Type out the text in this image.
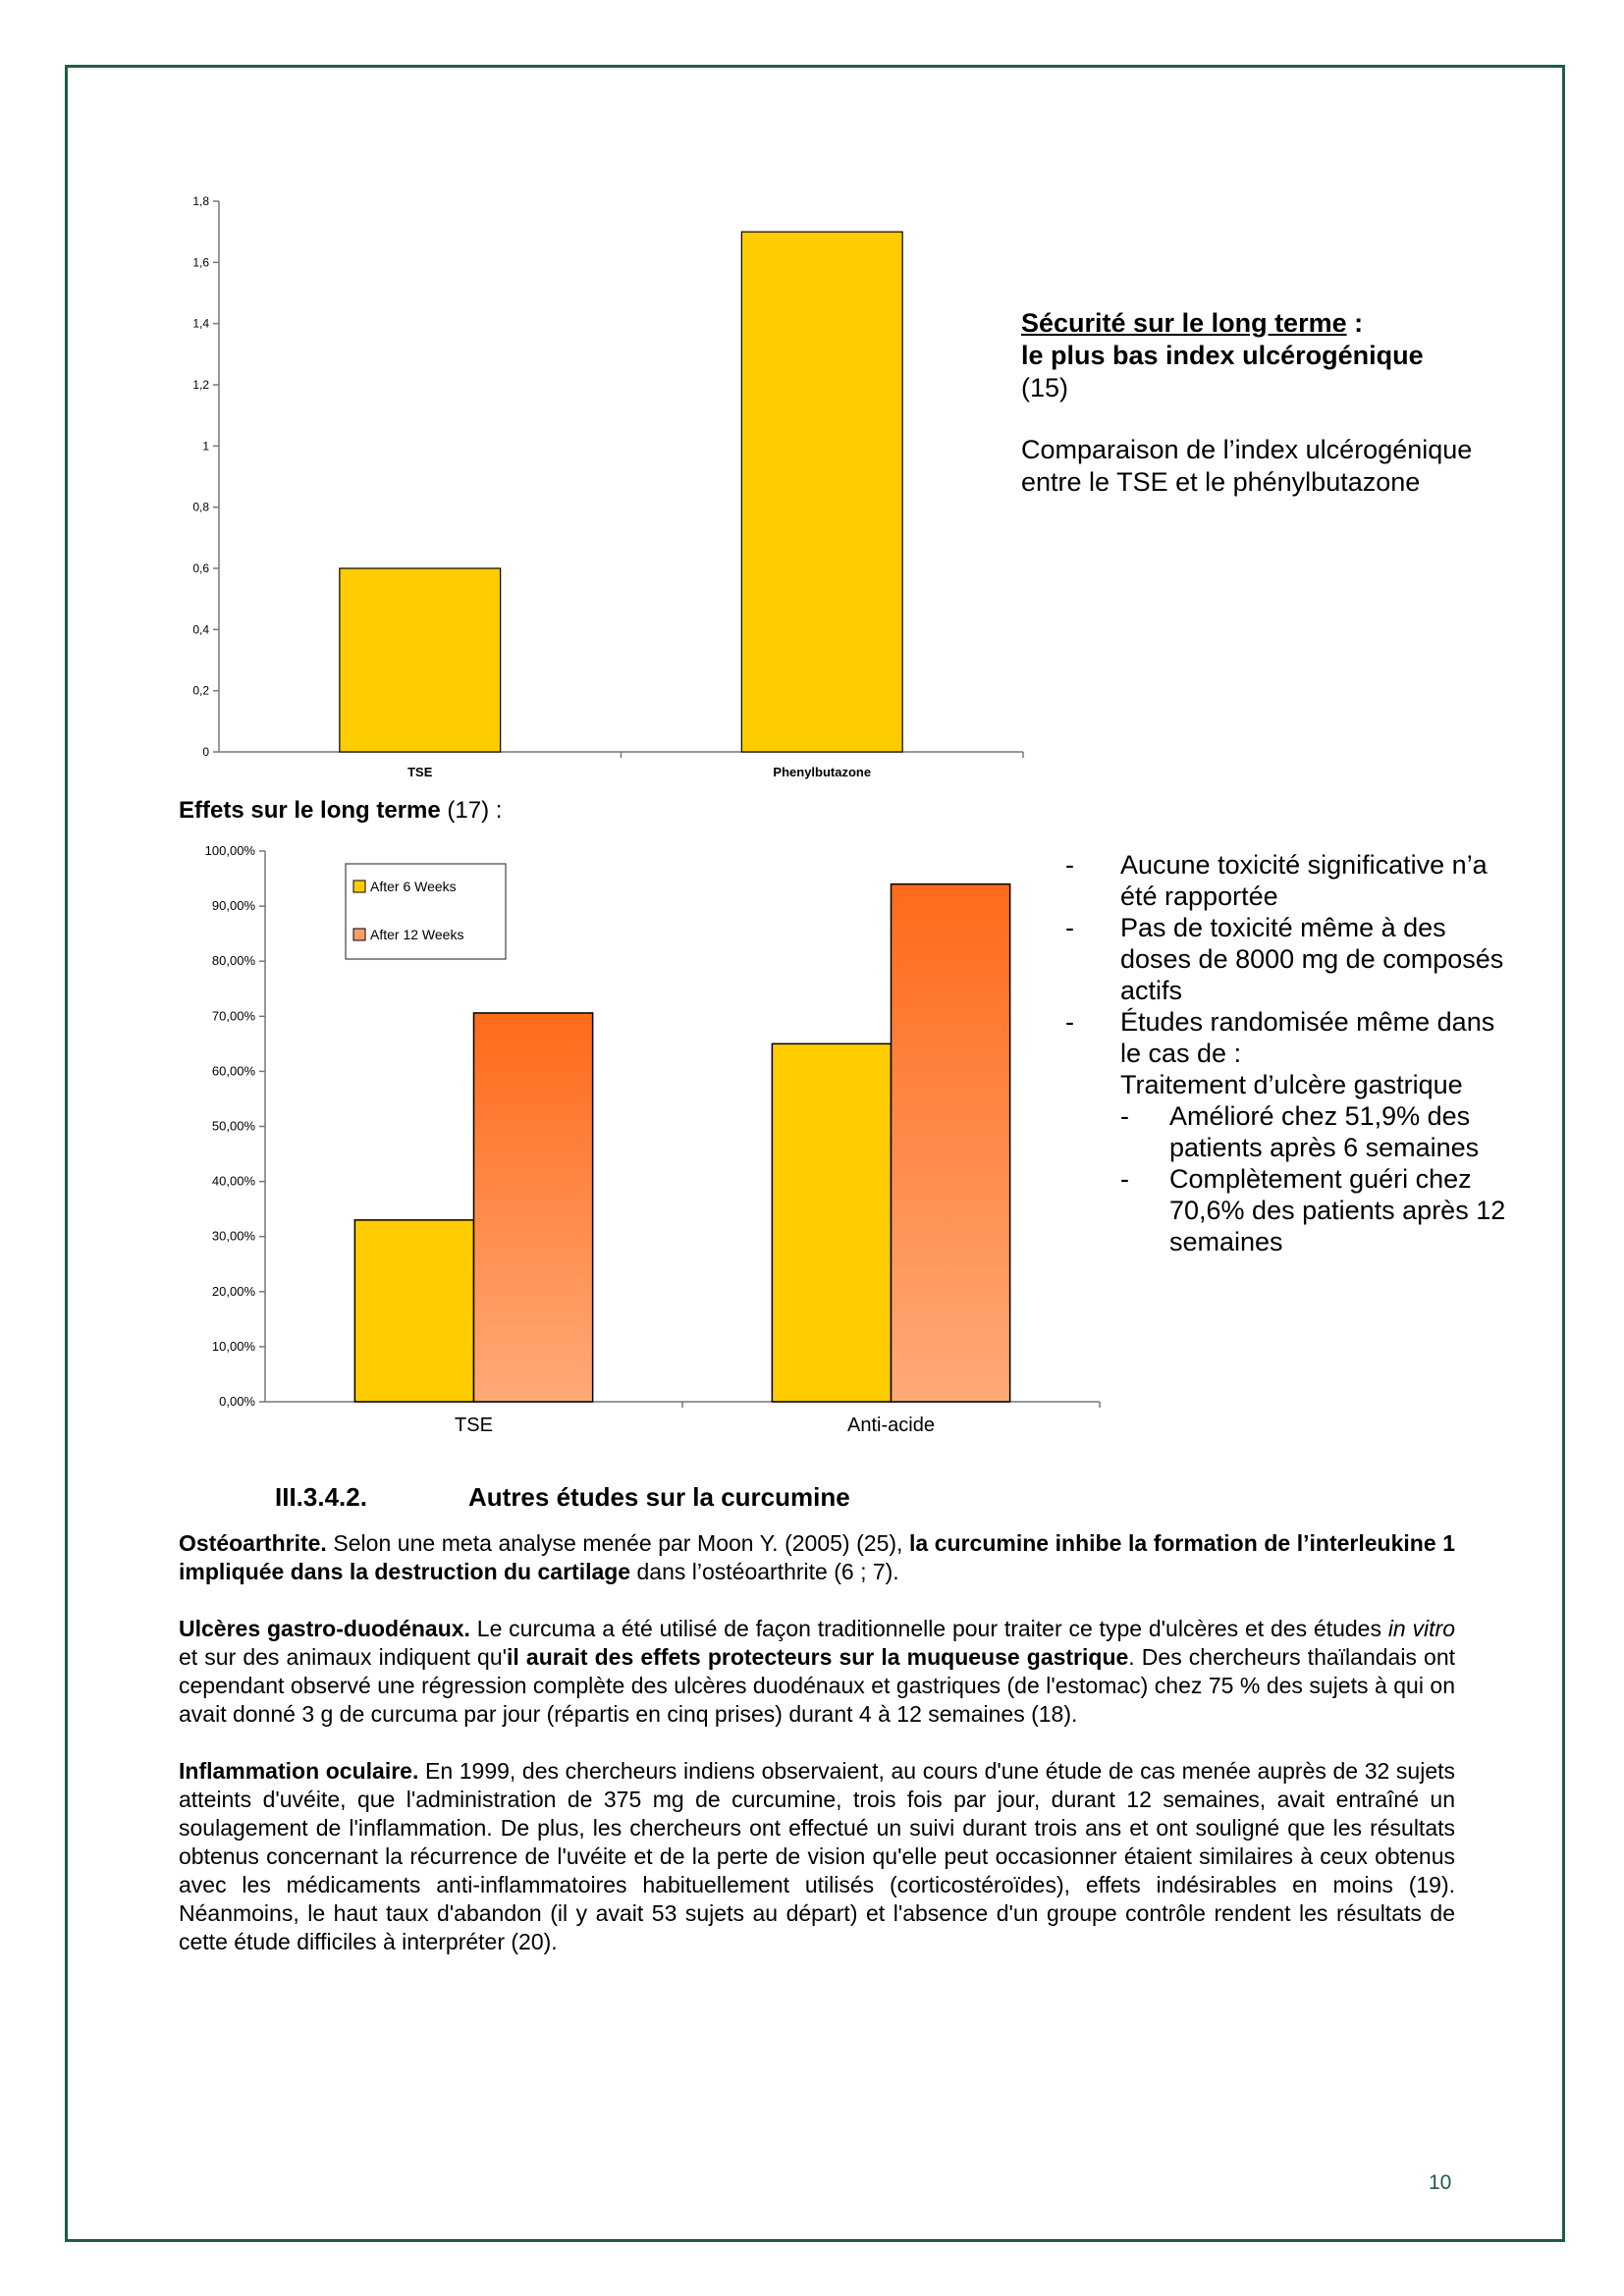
0
0,2
0,4
0,6
0,8
1
1,2
1,4
1,6
1,8
TSE	Phenylbutazone

Sécurité sur le long terme :

le plus bas index ulcérogénique

(15)

Comparaison de l’index ulcérogénique entre le TSE et le phénylbutazone

Effets sur le long terme (17) :
0,00%
10,00%
20,00%
30,00%
40,00%
50,00%
60,00%
70,00%
80,00%
90,00%
100,00%
TSE	Anti-acide
After 6 Weeks
After 12 Weeks
- Aucune toxicité significative n’a été rapportée
- Pas de toxicité même à des doses de 8000 mg de composés actifs
- Études randomisée même dans le cas de :
Traitement d’ulcère gastrique
- Amélioré chez 51,9% des patients après 6 semaines
- Complètement guéri chez 70,6% des patients après 12 semaines
III.3.4.2.	Autres études sur la curcumine

Ostéoarthrite. Selon une meta analyse menée par Moon Y. (2005) (25), la curcumine inhibe la formation de l’interleukine 1 impliquée dans la destruction du cartilage dans l’ostéoarthrite (6 ; 7).

Ulcères gastro-duodénaux. Le curcuma a été utilisé de façon traditionnelle pour traiter ce type d'ulcères et des études in vitro et sur des animaux indiquent qu'il aurait des effets protecteurs sur la muqueuse gastrique. Des chercheurs thaïlandais ont cependant observé une régression complète des ulcères duodénaux et gastriques (de l'estomac) chez 75 % des sujets à qui on avait donné 3 g de curcuma par jour (répartis en cinq prises) durant 4 à 12 semaines (18).

Inflammation oculaire. En 1999, des chercheurs indiens observaient, au cours d'une étude de cas menée auprès de 32 sujets atteints d'uvéite, que l'administration de 375 mg de curcumine, trois fois par jour, durant 12 semaines, avait entraîné un soulagement de l'inflammation. De plus, les chercheurs ont effectué un suivi durant trois ans et ont souligné que les résultats obtenus concernant la récurrence de l'uvéite et de la perte de vision qu'elle peut occasionner étaient similaires à ceux obtenus avec les médicaments anti-inflammatoires habituellement utilisés (corticostéroïdes), effets indésirables en moins (19). Néanmoins, le haut taux d'abandon (il y avait 53 sujets au départ) et l'absence d'un groupe contrôle rendent les résultats de cette étude difficiles à interpréter (20).

10
